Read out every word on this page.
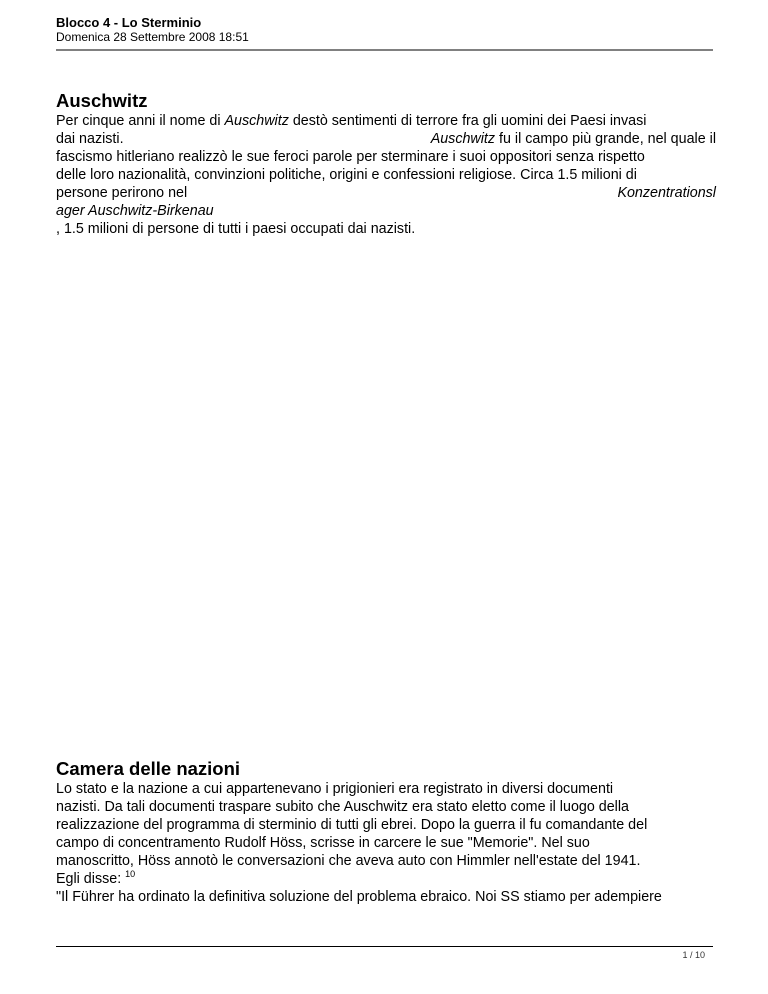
Blocco 4 - Lo Sterminio
Domenica 28 Settembre 2008 18:51
Auschwitz
Per cinque anni il nome di Auschwitz destò sentimenti di terrore fra gli uomini dei Paesi invasi
dai nazisti.	Auschwitz fu il campo più grande, nel quale il
fascismo hitleriano realizzò le sue feroci parole per sterminare i suoi oppositori senza rispetto
delle loro nazionalità, convinzioni politiche, origini e confessioni religiose. Circa 1.5 milioni di
persone perirono nel	Konzentrationsl
ager Auschwitz-Birkenau
, 1.5 milioni di persone di tutti i paesi occupati dai nazisti.
Camera delle nazioni
Lo stato e la nazione a cui appartenevano i prigionieri era registrato in diversi documenti
nazisti. Da tali documenti traspare subito che Auschwitz era stato eletto come il luogo della
realizzazione del programma di sterminio di tutti gli ebrei. Dopo la guerra il fu comandante del
campo di concentramento Rudolf Höss, scrisse in carcere le sue "Memorie". Nel suo
manoscritto, Höss annotò le conversazioni che aveva auto con Himmler nell'estate del 1941.
Egli disse: $^{10}$
"Il Führer ha ordinato la definitiva soluzione del problema ebraico. Noi SS stiamo per adempiere
1 / 10
